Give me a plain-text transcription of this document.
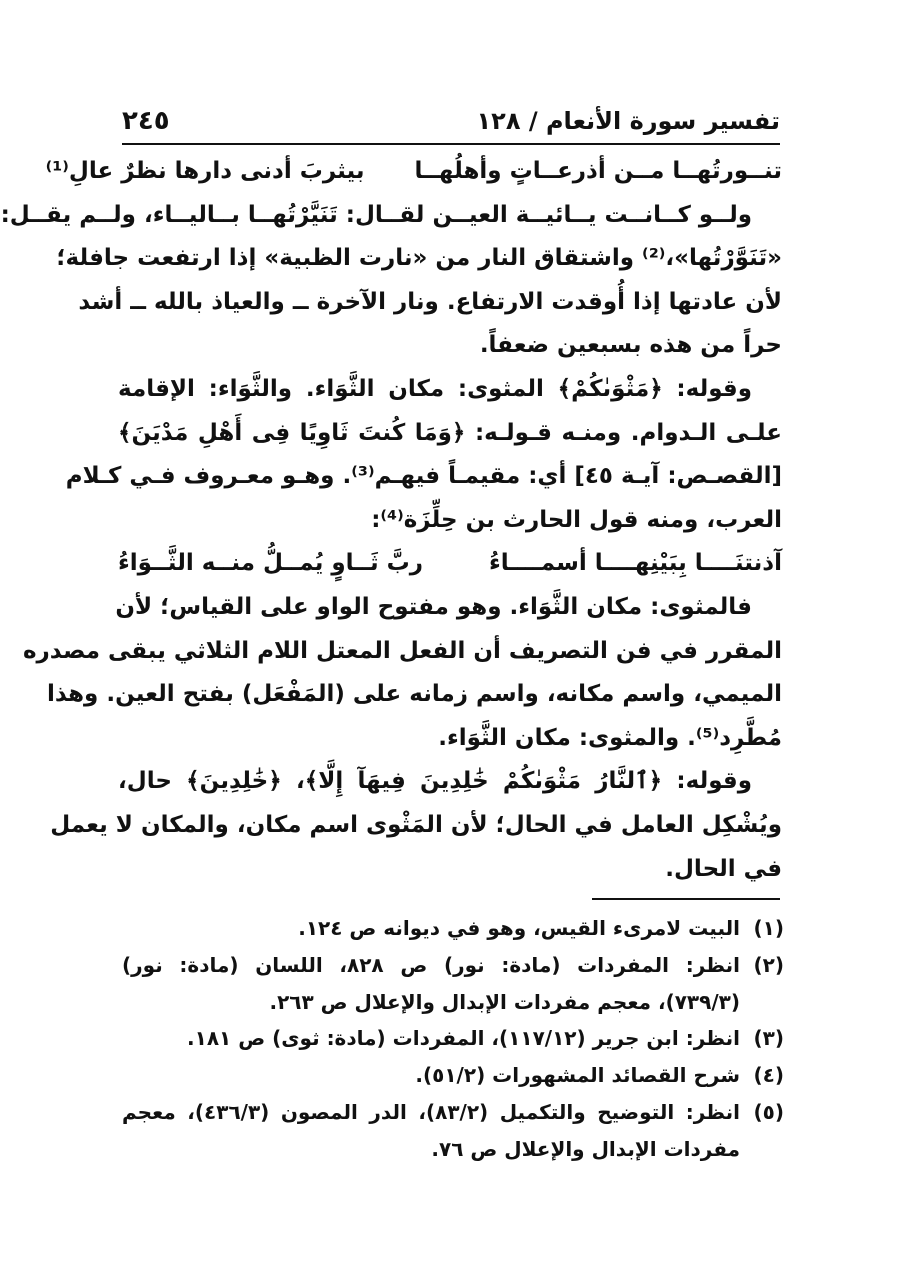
تفسير سورة الأنعام / ١٢٨
٢٤٥
تنــورتُهــا مــن أذرعــاتٍ وأهلُهــا
بيثربَ أدنى دارها نظرٌ عالِ⁽¹⁾
ولــو كــانــت يــائيــة العيــن لقــال: تَنَيَّرْتُهــا بــاليــاء، ولــم يقــل:
«تَنَوَّرْتُها»،⁽²⁾ واشتقاق النار من «نارت الظبية» إذا ارتفعت جافلة؛
لأن عادتها إذا أُوقدت الارتفاع. ونار الآخرة ــ والعياذ بالله ــ أشد
حراً من هذه بسبعين ضعفاً.
وقوله: ﴿مَثْوَىٰكُمْ﴾ المثوى: مكان الثَّوَاء. والثَّوَاء: الإقامة
علـى الـدوام. ومنـه قـولـه: ﴿وَمَا كُنتَ ثَاوِيًا فِى أَهْلِ مَدْيَنَ﴾
[القصـص: آيـة ٤٥] أي: مقيمـاً فيهـم⁽³⁾. وهـو معـروف فـي كـلام
العرب، ومنه قول الحارث بن حِلِّزَة⁽⁴⁾:
آذنتنَــــا بِبَيْنِهــــا أسمــــاءُ
ربَّ ثَــاوٍ يُمــلُّ منــه الثَّــوَاءُ
فالمثوى: مكان الثَّوَاء. وهو مفتوح الواو على القياس؛ لأن
المقرر في فن التصريف أن الفعل المعتل اللام الثلاثي يبقى مصدره
الميمي، واسم مكانه، واسم زمانه على (المَفْعَل) بفتح العين. وهذا
مُطَّرِد⁽⁵⁾. والمثوى: مكان الثَّوَاء.
وقوله: ﴿ٱلنَّارُ مَثْوَىٰكُمْ خَٰلِدِينَ فِيهَآ إِلَّا﴾، ﴿خَٰلِدِينَ﴾ حال،
ويُشْكِل العامل في الحال؛ لأن المَثْوى اسم مكان، والمكان لا يعمل
في الحال.
(١)
البيت لامرىء القيس، وهو في ديوانه ص ١٢٤.
(٢)
انظر: المفردات (مادة: نور) ص ٨٢٨، اللسان (مادة: نور) (٧٣٩/٣)، معجم مفردات الإبدال والإعلال ص ٢٦٣.
(٣)
انظر: ابن جرير (١١٧/١٢)، المفردات (مادة: ثوى) ص ١٨١.
(٤)
شرح القصائد المشهورات (٥١/٢).
(٥)
انظر: التوضيح والتكميل (٨٣/٢)، الدر المصون (٤٣٦/٣)، معجم مفردات الإبدال والإعلال ص ٧٦.
